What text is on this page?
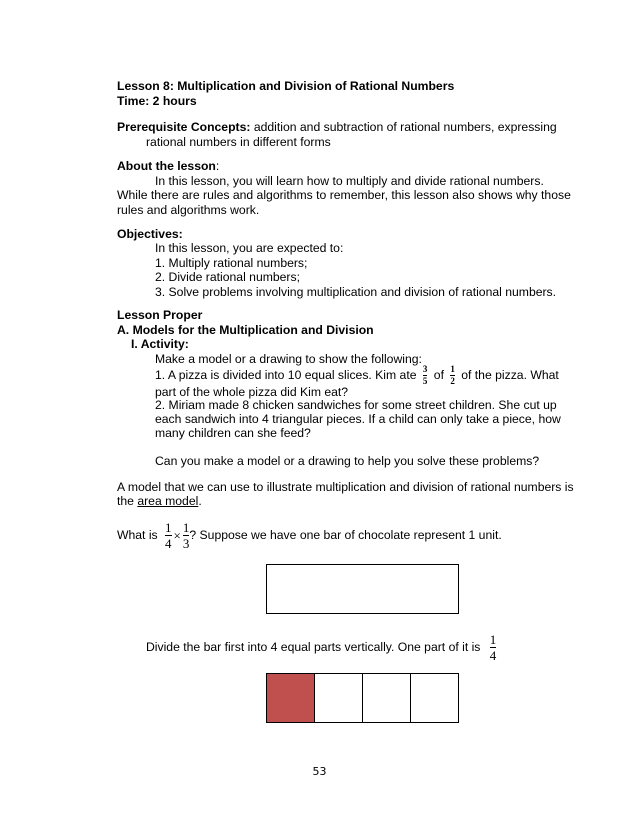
Lesson 8: Multiplication and Division of Rational Numbers
Time: 2 hours
Prerequisite Concepts: addition and subtraction of rational numbers, expressing
rational numbers in different forms
About the lesson:
In this lesson, you will learn how to multiply and divide rational numbers.
While there are rules and algorithms to remember, this lesson also shows why those
rules and algorithms work.
Objectives:
In this lesson, you are expected to:
1. Multiply rational numbers;
2. Divide rational numbers;
3. Solve problems involving multiplication and division of rational numbers.
Lesson Proper
A. Models for the Multiplication and Division
I. Activity:
Make a model or a drawing to show the following:
1. A pizza is divided into 10 equal slices. Kim ate $\frac{3}{5}$ of $\frac{1}{2}$ of the pizza. What
part of the whole pizza did Kim eat?
2. Miriam made 8 chicken sandwiches for some street children. She cut up
each sandwich into 4 triangular pieces. If a child can only take a piece, how
many children can she feed?
Can you make a model or a drawing to help you solve these problems?
A model that we can use to illustrate multiplication and division of rational numbers is
the area model.
What is $\frac{1}{4} \times \frac{1}{3}$ ? Suppose we have one bar of chocolate represent 1 unit.
Divide the bar first into 4 equal parts vertically. One part of it is $\frac{1}{4}$
53
